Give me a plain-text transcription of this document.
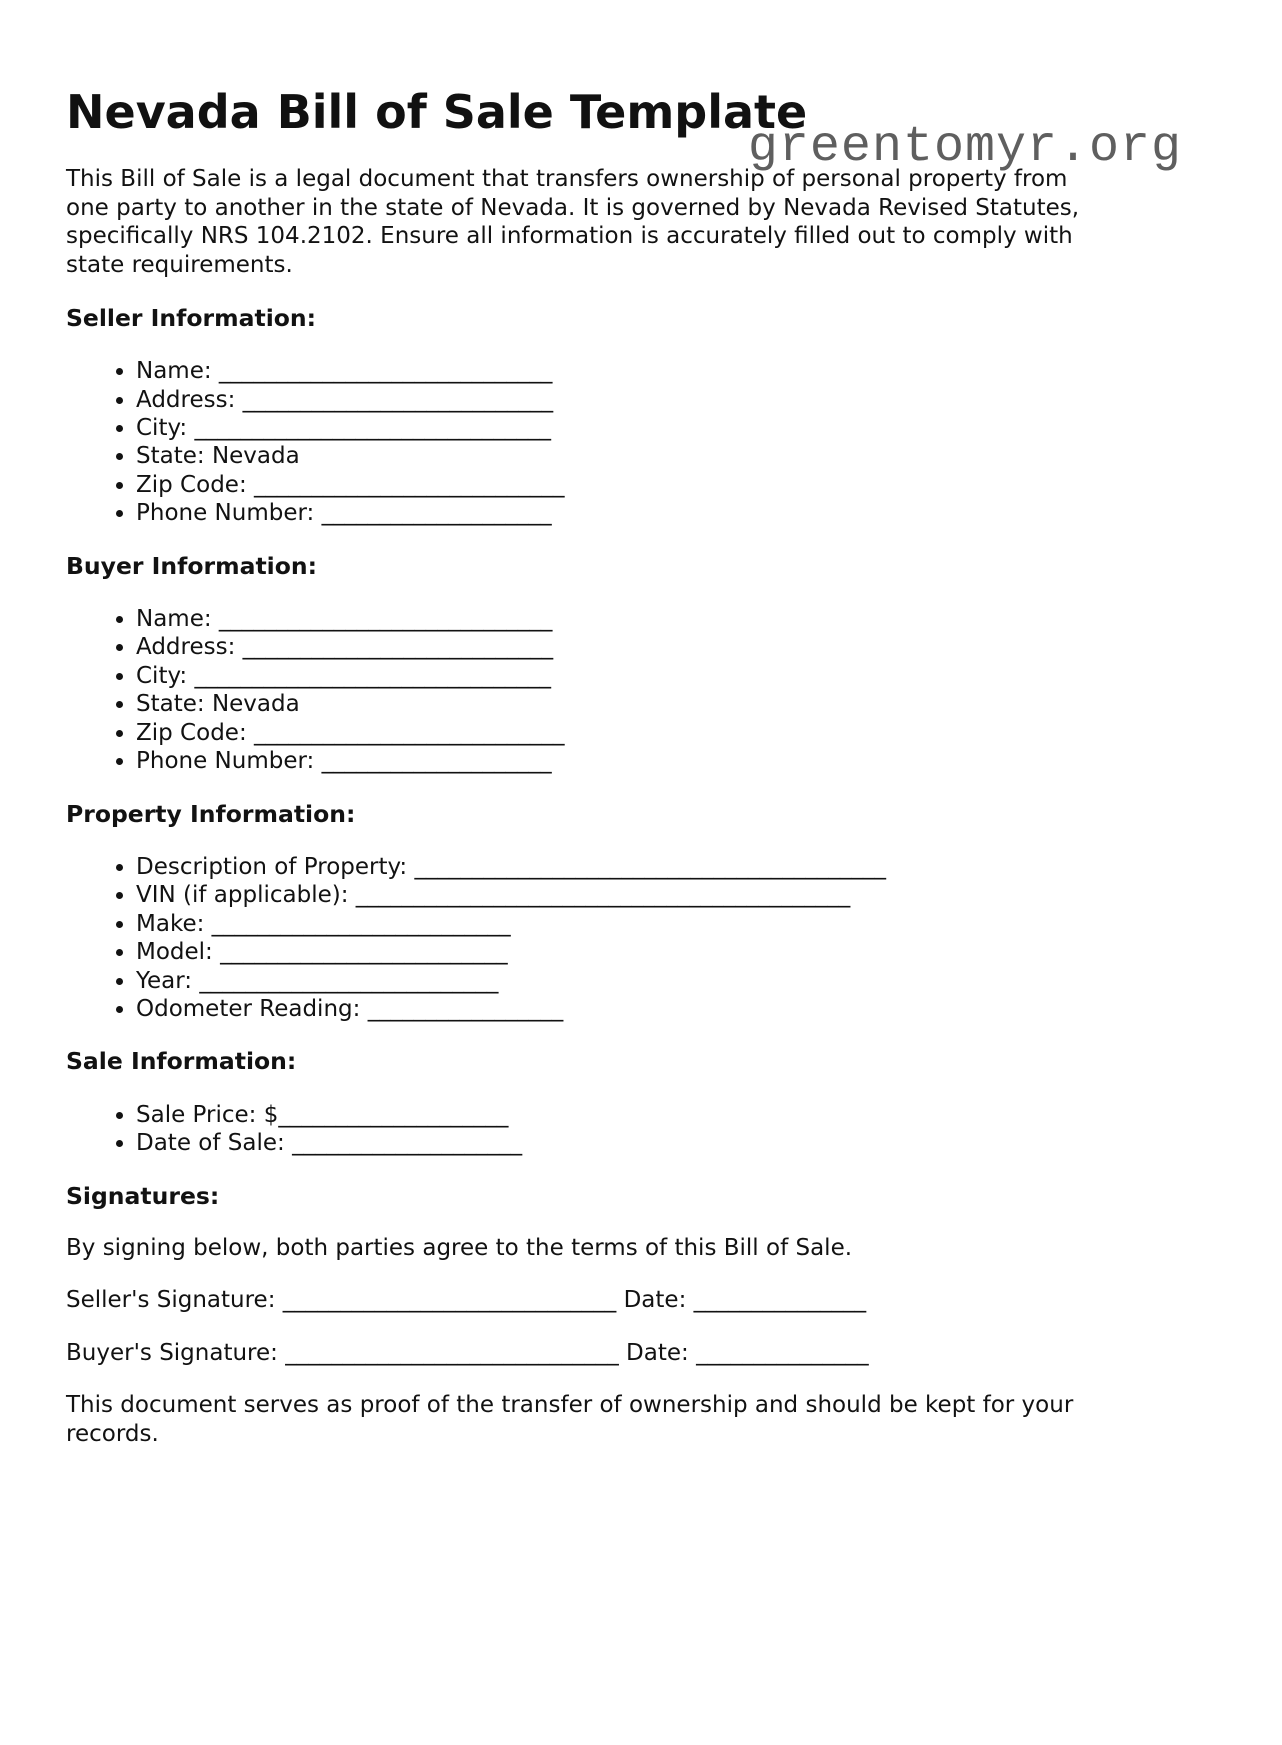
greentomyr.org
Nevada Bill of Sale Template
This Bill of Sale is a legal document that transfers ownership of personal property from
one party to another in the state of Nevada. It is governed by Nevada Revised Statutes,
specifically NRS 104.2102. Ensure all information is accurately filled out to comply with
state requirements.
Seller Information:
• Name: _____________________________
• Address: ___________________________
• City: _______________________________
• State: Nevada
• Zip Code: ___________________________
• Phone Number: ____________________
Buyer Information:
• Name: _____________________________
• Address: ___________________________
• City: _______________________________
• State: Nevada
• Zip Code: ___________________________
• Phone Number: ____________________
Property Information:
• Description of Property: _________________________________________
• VIN (if applicable): ___________________________________________
• Make: __________________________
• Model: _________________________
• Year: __________________________
• Odometer Reading: _________________
Sale Information:
• Sale Price: $____________________
• Date of Sale: ____________________
Signatures:

By signing below, both parties agree to the terms of this Bill of Sale.

Seller's Signature: _____________________________ Date: _______________

Buyer's Signature: _____________________________ Date: _______________

This document serves as proof of the transfer of ownership and should be kept for your
records.
